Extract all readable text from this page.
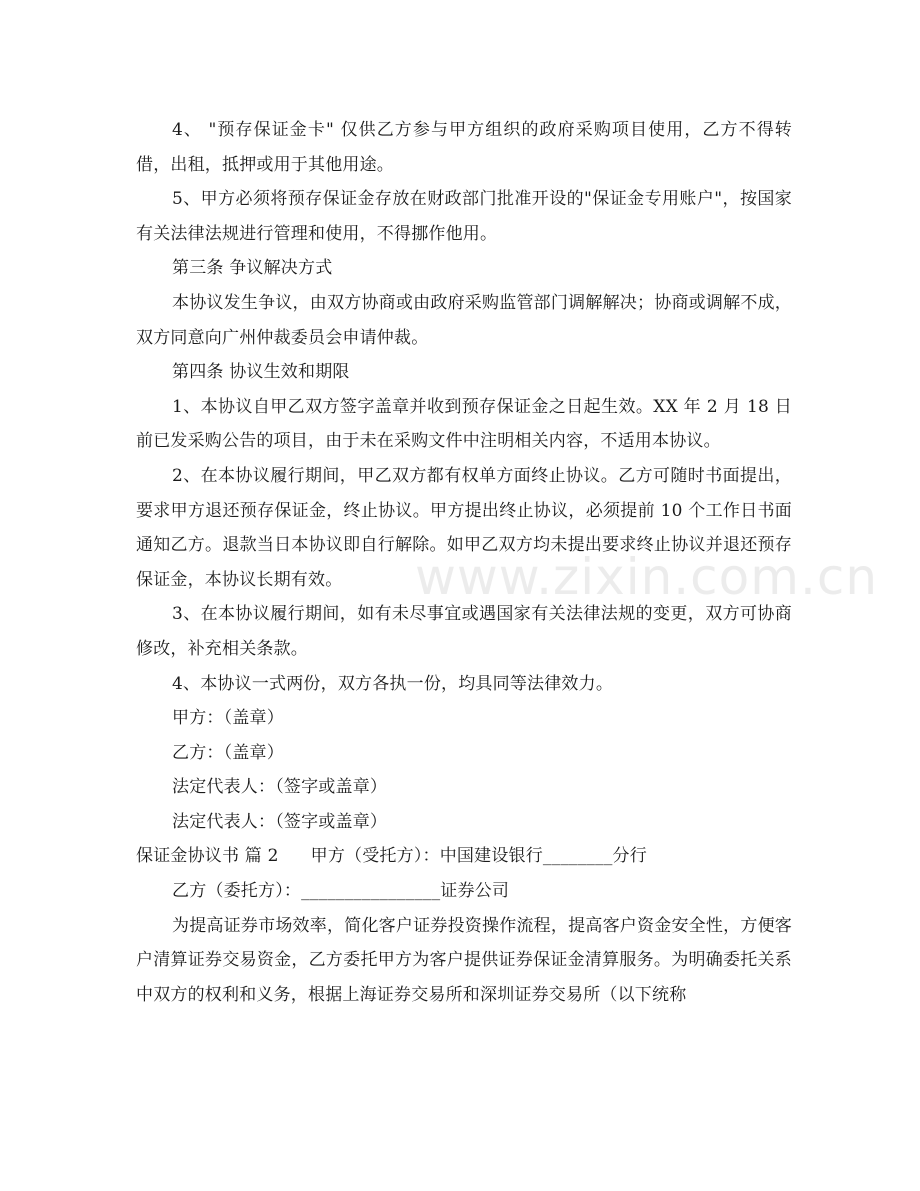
4、 "预存保证金卡" 仅供乙方参与甲方组织的政府采购项目使用，乙方不得转借，出租，抵押或用于其他用途。

5、甲方必须将预存保证金存放在财政部门批准开设的"保证金专用账户"，按国家有关法律法规进行管理和使用，不得挪作他用。

第三条 争议解决方式

本协议发生争议，由双方协商或由政府采购监管部门调解解决；协商或调解不成，双方同意向广州仲裁委员会申请仲裁。

第四条 协议生效和期限

1、本协议自甲乙双方签字盖章并收到预存保证金之日起生效。XX 年 2 月 18 日前已发采购公告的项目，由于未在采购文件中注明相关内容，不适用本协议。

2、在本协议履行期间，甲乙双方都有权单方面终止协议。乙方可随时书面提出，要求甲方退还预存保证金，终止协议。甲方提出终止协议，必须提前 10 个工作日书面通知乙方。退款当日本协议即自行解除。如甲乙双方均未提出要求终止协议并退还预存保证金，本协议长期有效。

3、在本协议履行期间，如有未尽事宜或遇国家有关法律法规的变更，双方可协商修改，补充相关条款。

4、本协议一式两份，双方各执一份，均具同等法律效力。

甲方：（盖章）

乙方：（盖章）

法定代表人：（签字或盖章）

法定代表人：（签字或盖章）

保证金协议书 篇 2 甲方（受托方）：中国建设银行________分行

乙方（委托方）：________________证券公司

为提高证券市场效率，简化客户证券投资操作流程，提高客户资金安全性，方便客户清算证券交易资金，乙方委托甲方为客户提供证券保证金清算服务。为明确委托关系中双方的权利和义务，根据上海证券交易所和深圳证券交易所（以下统称

www.zixin.com.cn
